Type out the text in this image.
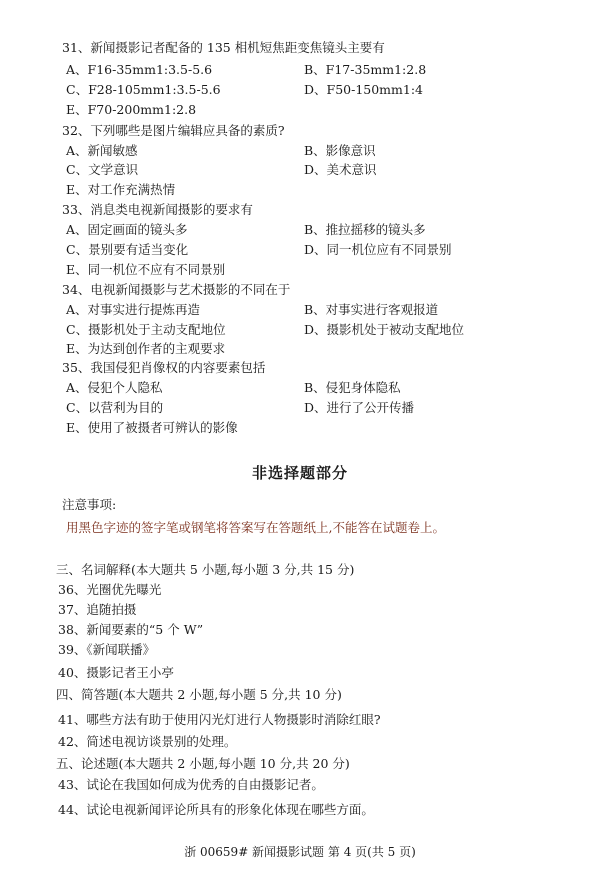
31、新闻摄影记者配备的 135 相机短焦距变焦镜头主要有
A、F16-35mm1:3.5-5.6	B、F17-35mm1:2.8
C、F28-105mm1:3.5-5.6	D、F50-150mm1:4
E、F70-200mm1:2.8
32、下列哪些是图片编辑应具备的素质?
A、新闻敏感	B、影像意识
C、文学意识	D、美术意识
E、对工作充满热情
33、消息类电视新闻摄影的要求有
A、固定画面的镜头多	B、推拉摇移的镜头多
C、景别要有适当变化	D、同一机位应有不同景别
E、同一机位不应有不同景别
34、电视新闻摄影与艺术摄影的不同在于
A、对事实进行提炼再造	B、对事实进行客观报道
C、摄影机处于主动支配地位	D、摄影机处于被动支配地位
E、为达到创作者的主观要求
35、我国侵犯肖像权的内容要素包括
A、侵犯个人隐私	B、侵犯身体隐私
C、以营利为目的	D、进行了公开传播
E、使用了被摄者可辨认的影像
非选择题部分
注意事项:
用黑色字迹的签字笔或钢笔将答案写在答题纸上,不能答在试题卷上。
三、名词解释(本大题共 5 小题,每小题 3 分,共 15 分)
36、光圈优先曝光
37、追随拍摄
38、新闻要素的“5 个 W”
39、《新闻联播》
40、摄影记者王小亭
四、简答题(本大题共 2 小题,每小题 5 分,共 10 分)
41、哪些方法有助于使用闪光灯进行人物摄影时消除红眼?
42、简述电视访谈景别的处理。
五、论述题(本大题共 2 小题,每小题 10 分,共 20 分)
43、试论在我国如何成为优秀的自由摄影记者。
44、试论电视新闻评论所具有的形象化体现在哪些方面。
浙 00659# 新闻摄影试题 第 4 页(共 5 页)
